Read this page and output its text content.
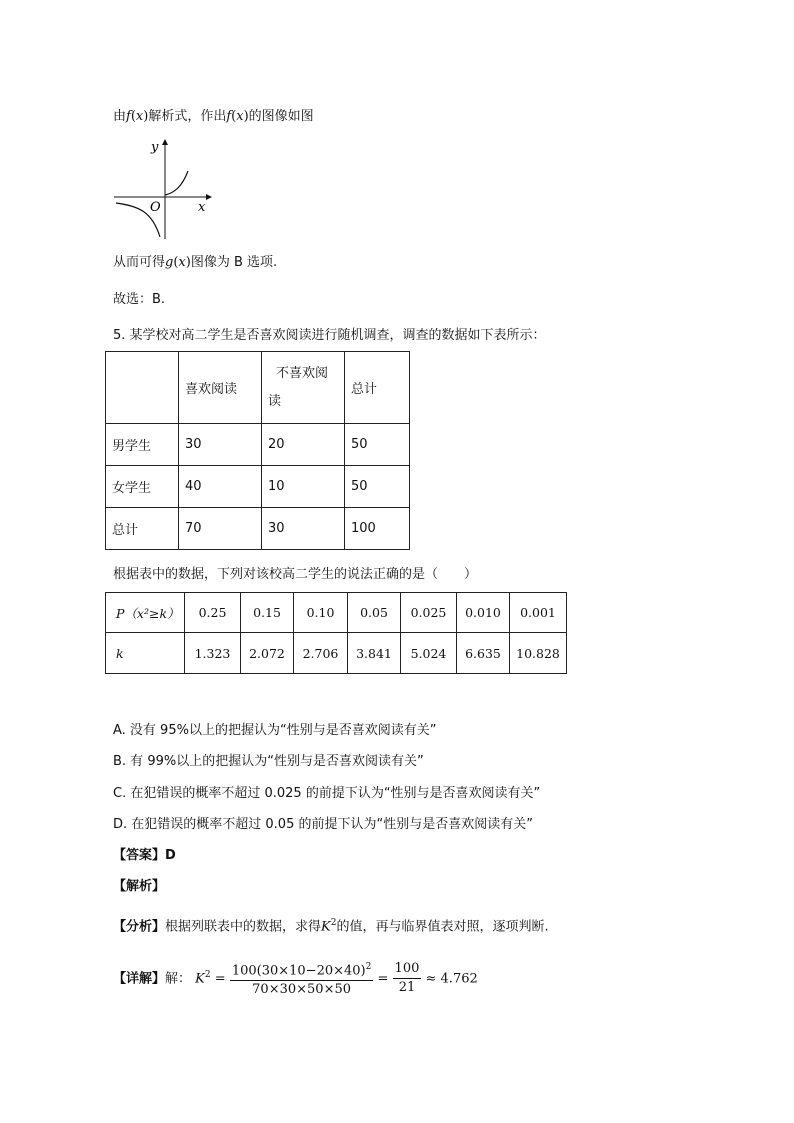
由f(x)解析式，作出f(x)的图像如图
y
x
O
从而可得g(x)图像为 B 选项.
故选：B.
5. 某学校对高二学生是否喜欢阅读进行随机调查，调查的数据如下表所示：
	喜欢阅读	不喜欢阅
读	总计
男学生	30	20	50
女学生	40	10	50
总计	70	30	100
根据表中的数据，下列对该校高二学生的说法正确的是（　　）
P（x²≥k）	0.25	0.15	0.10	0.05	0.025	0.010	0.001
k	1.323	2.072	2.706	3.841	5.024	6.635	10.828
A. 没有 95%以上的把握认为“性别与是否喜欢阅读有关”
B. 有 99%以上的把握认为“性别与是否喜欢阅读有关”
C. 在犯错误的概率不超过 0.025 的前提下认为“性别与是否喜欢阅读有关”
D. 在犯错误的概率不超过 0.05 的前提下认为“性别与是否喜欢阅读有关”
【答案】D
【解析】
【分析】根据列联表中的数据，求得$K^2$的值，再与临界值表对照，逐项判断.
【详解】解： $K^2 = \frac{100(30\times 10-20\times 40)^2}{70\times 30\times 50\times 50} = \frac{100}{21} \approx 4.762$
